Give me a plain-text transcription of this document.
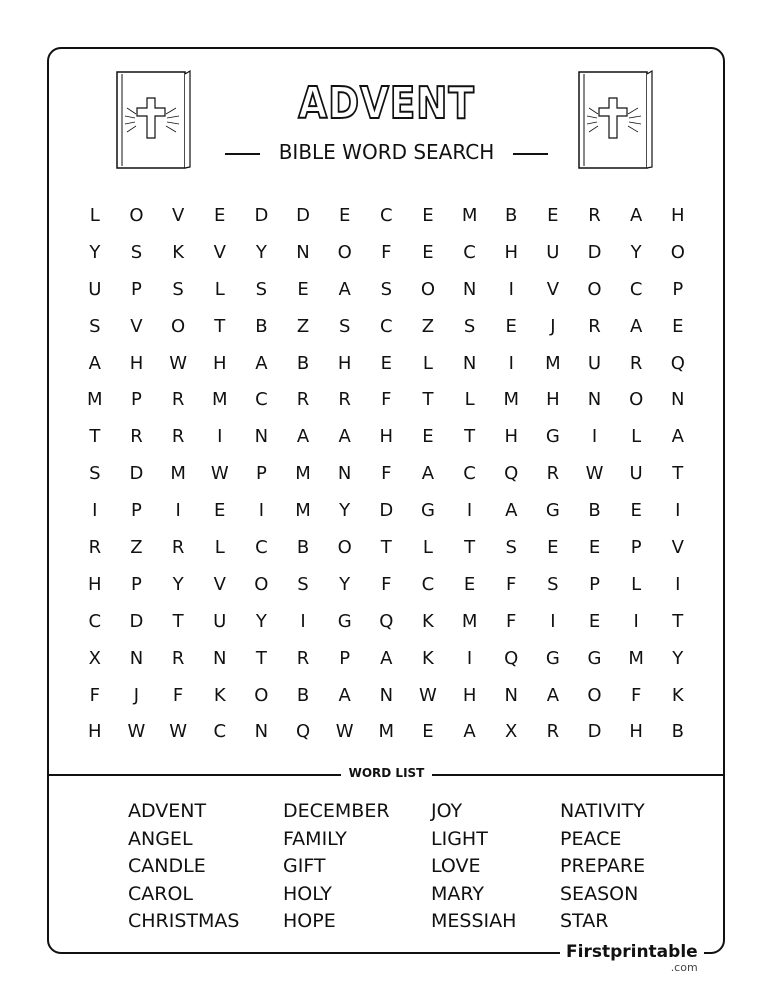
ADVENT
BIBLE WORD SEARCH
L	O	V	E	D	D	E	C	E	M	B	E	R	A	H
Y	S	K	V	Y	N	O	F	E	C	H	U	D	Y	O
U	P	S	L	S	E	A	S	O	N	I	V	O	C	P
S	V	O	T	B	Z	S	C	Z	S	E	J	R	A	E
A	H	W	H	A	B	H	E	L	N	I	M	U	R	Q
M	P	R	M	C	R	R	F	T	L	M	H	N	O	N
T	R	R	I	N	A	A	H	E	T	H	G	I	L	A
S	D	M	W	P	M	N	F	A	C	Q	R	W	U	T
I	P	I	E	I	M	Y	D	G	I	A	G	B	E	I
R	Z	R	L	C	B	O	T	L	T	S	E	E	P	V
H	P	Y	V	O	S	Y	F	C	E	F	S	P	L	I
C	D	T	U	Y	I	G	Q	K	M	F	I	E	I	T
X	N	R	N	T	R	P	A	K	I	Q	G	G	M	Y
F	J	F	K	O	B	A	N	W	H	N	A	O	F	K
H	W	W	C	N	Q	W	M	E	A	X	R	D	H	B
WORD LIST
ADVENT
ANGEL
CANDLE
CAROL
CHRISTMAS
DECEMBER
FAMILY
GIFT
HOLY
HOPE
JOY
LIGHT
LOVE
MARY
MESSIAH
NATIVITY
PEACE
PREPARE
SEASON
STAR
Firstprintable
.com
